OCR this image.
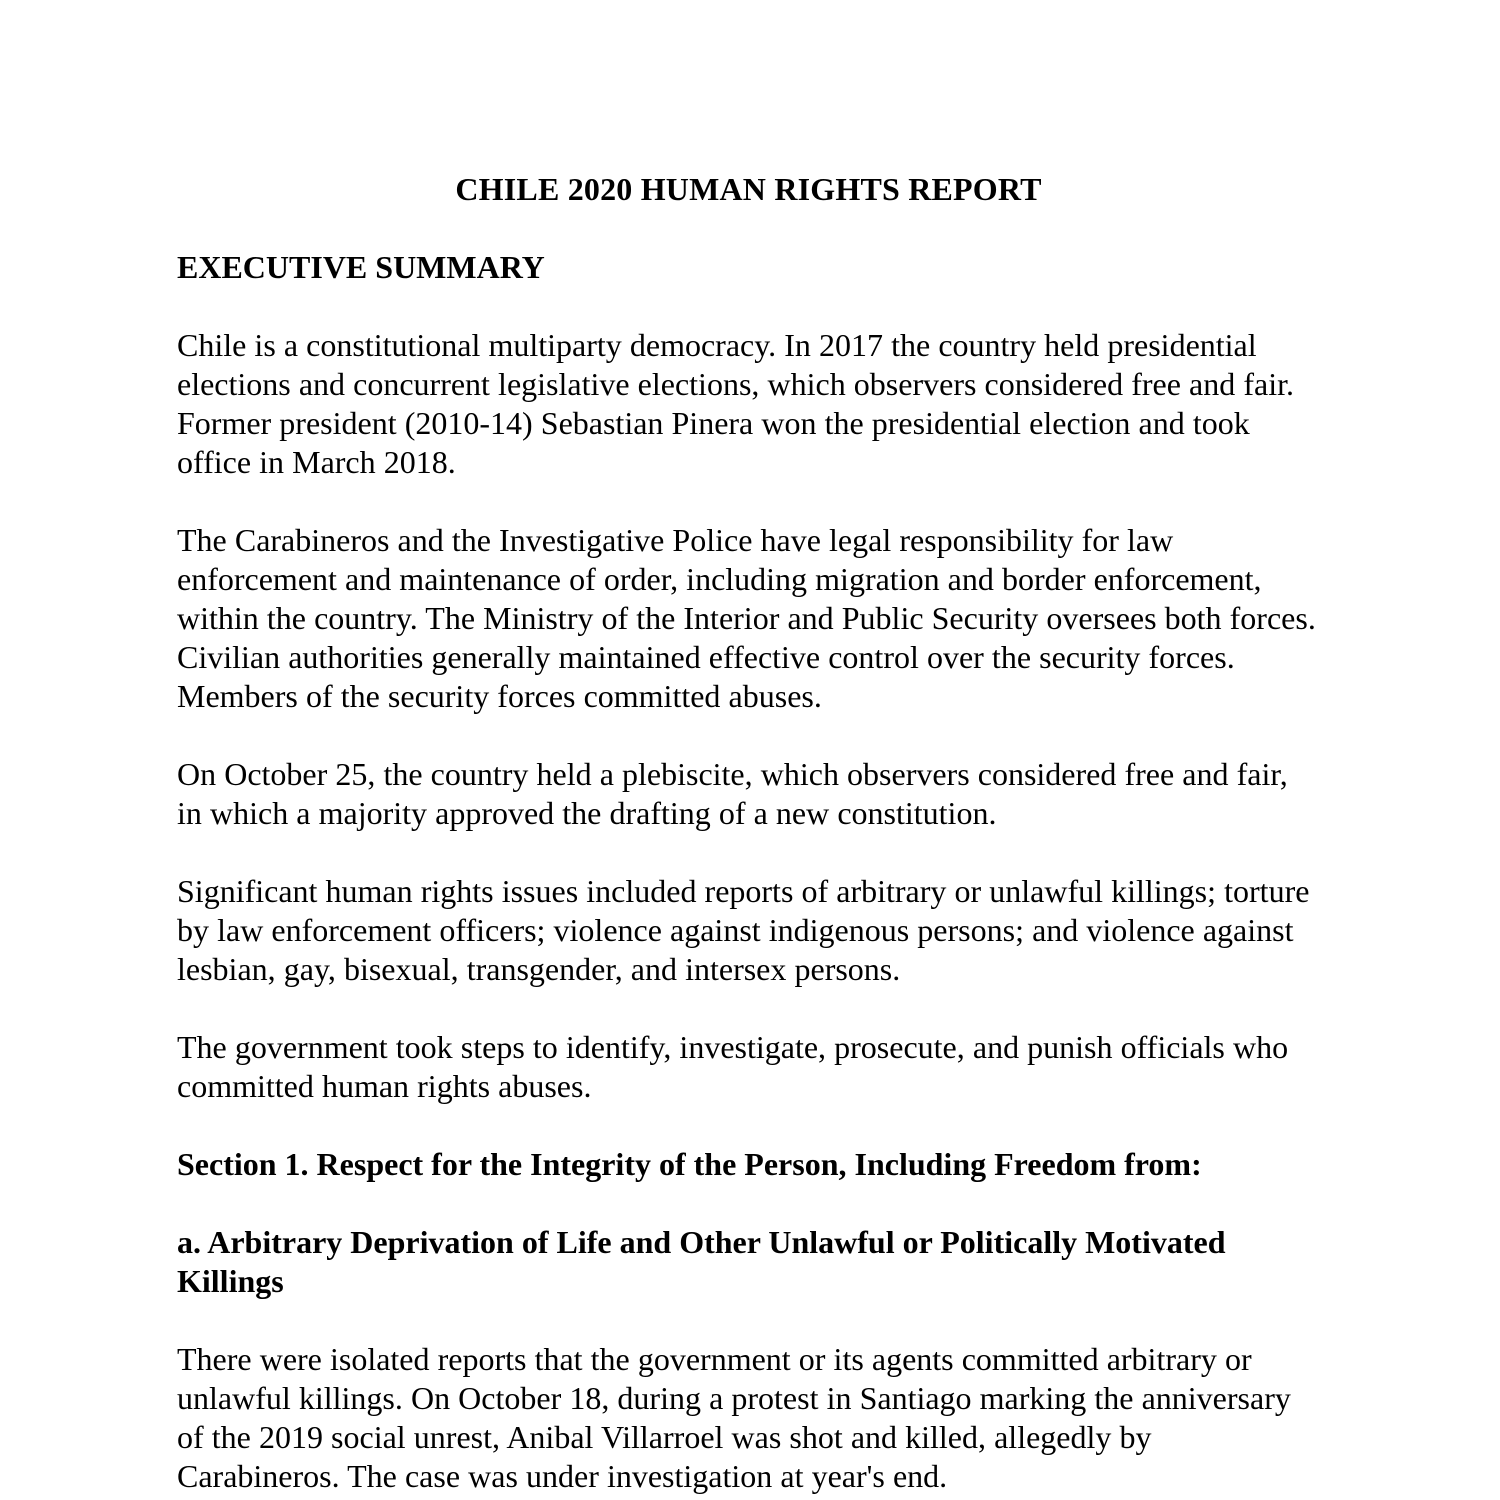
CHILE 2020 HUMAN RIGHTS REPORT
EXECUTIVE SUMMARY

Chile is a constitutional multiparty democracy. In 2017 the country held presidential elections and concurrent legislative elections, which observers considered free and fair. Former president (2010-14) Sebastian Pinera won the presidential election and took office in March 2018.

The Carabineros and the Investigative Police have legal responsibility for law enforcement and maintenance of order, including migration and border enforcement, within the country. The Ministry of the Interior and Public Security oversees both forces. Civilian authorities generally maintained effective control over the security forces. Members of the security forces committed abuses.

On October 25, the country held a plebiscite, which observers considered free and fair, in which a majority approved the drafting of a new constitution.

Significant human rights issues included reports of arbitrary or unlawful killings; torture by law enforcement officers; violence against indigenous persons; and violence against lesbian, gay, bisexual, transgender, and intersex persons.

The government took steps to identify, investigate, prosecute, and punish officials who committed human rights abuses.

Section 1. Respect for the Integrity of the Person, Including Freedom from:
a. Arbitrary Deprivation of Life and Other Unlawful or Politically Motivated Killings

There were isolated reports that the government or its agents committed arbitrary or unlawful killings. On October 18, during a protest in Santiago marking the anniversary of the 2019 social unrest, Anibal Villarroel was shot and killed, allegedly by Carabineros. The case was under investigation at year's end.
